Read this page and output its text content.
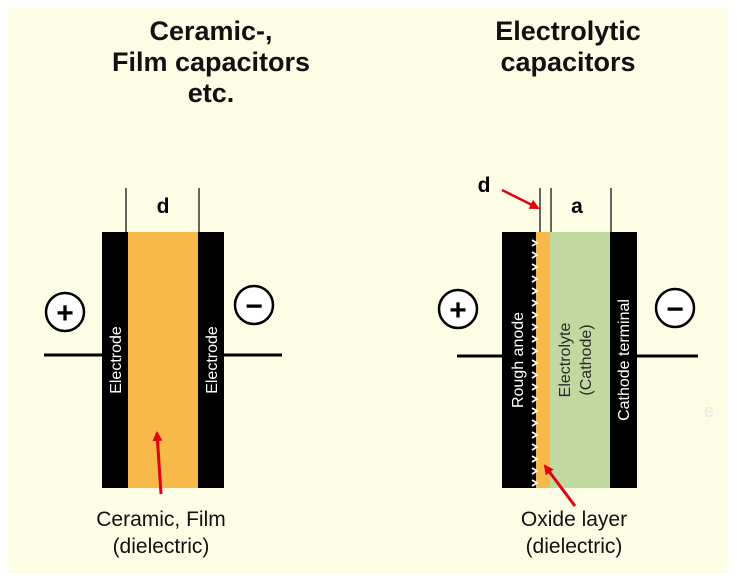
Ceramic-,
Film capacitors
etc.
Electrolytic
capacitors
d
Electrode	Electrode
+	−
d
a
Rough anode Electrolyte (Cathode) Cathode terminal
+	−
e
Ceramic, Film
(dielectric)
Oxide layer
(dielectric)
